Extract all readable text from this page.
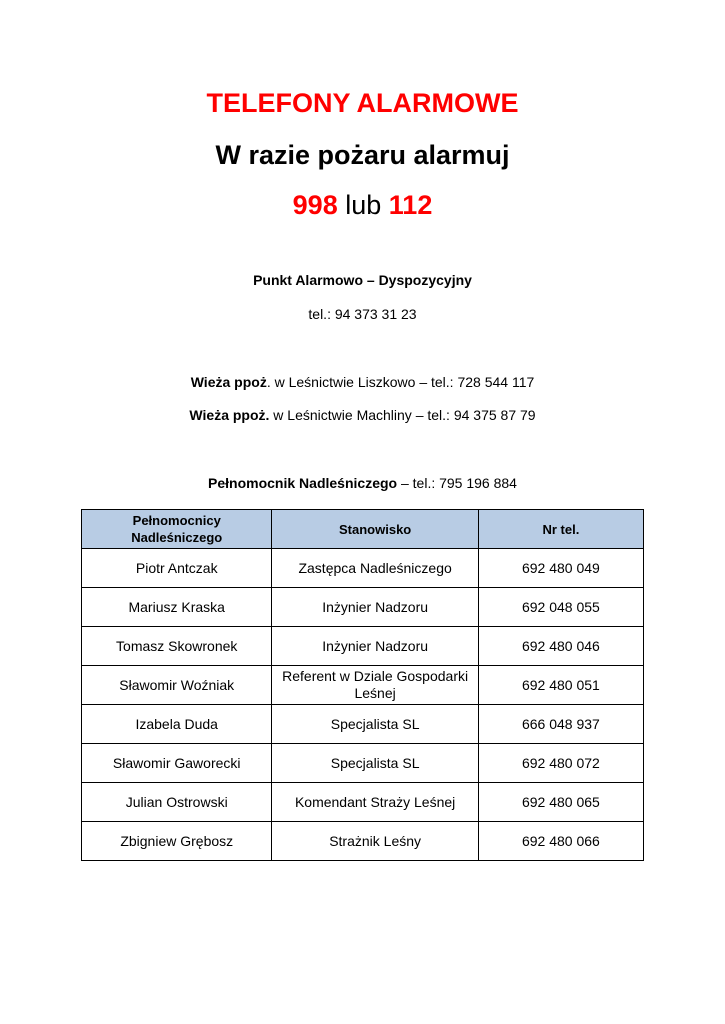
TELEFONY ALARMOWE
W razie pożaru alarmuj
998 lub 112
Punkt Alarmowo – Dyspozycyjny
tel.: 94 373 31 23
Wieża ppoż. w Leśnictwie Liszkowo – tel.: 728 544 117
Wieża ppoż. w Leśnictwie Machliny – tel.: 94 375 87 79
Pełnomocnik Nadleśniczego – tel.: 795 196 884
Pełnomocnicy Nadleśniczego	Stanowisko	Nr tel.
Piotr Antczak	Zastępca Nadleśniczego	692 480 049
Mariusz Kraska	Inżynier Nadzoru	692 048 055
Tomasz Skowronek	Inżynier Nadzoru	692 480 046
Sławomir Woźniak	Referent w Dziale Gospodarki Leśnej	692 480 051
Izabela Duda	Specjalista SL	666 048 937
Sławomir Gaworecki	Specjalista SL	692 480 072
Julian Ostrowski	Komendant Straży Leśnej	692 480 065
Zbigniew Grębosz	Strażnik Leśny	692 480 066
